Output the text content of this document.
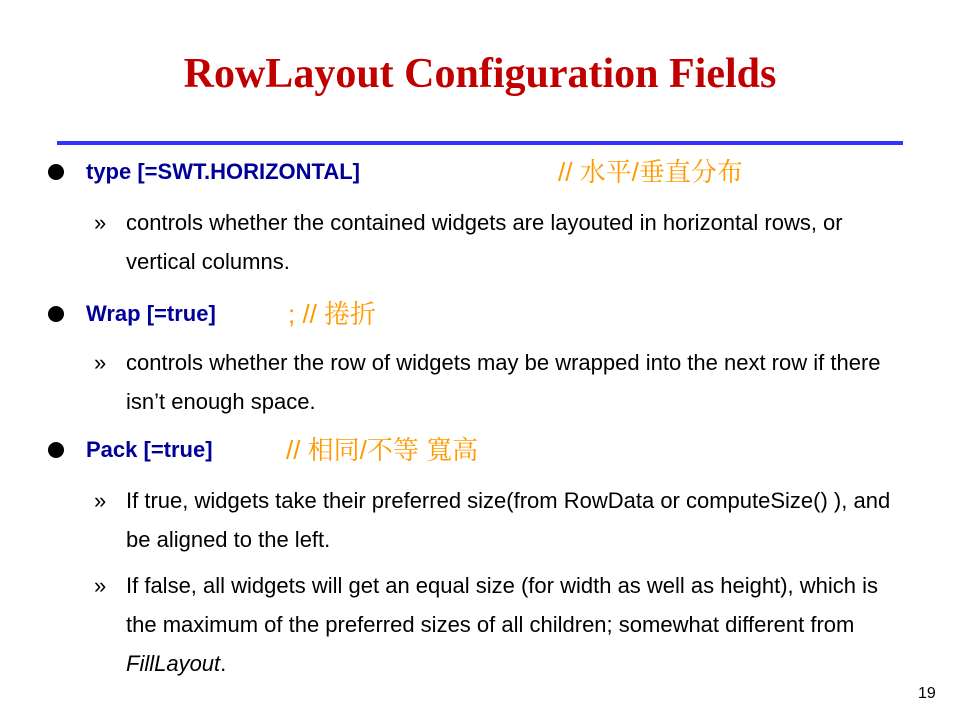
RowLayout Configuration Fields
type [=SWT.HORIZONTAL]	// 水平/垂直分布
» controls whether the contained widgets are layouted in horizontal rows, or vertical columns.
Wrap [=true]	; // 捲折
» controls whether the row of widgets may be wrapped into the next row if there isn’t enough space.
Pack [=true]	// 相同/不等 寬高
» If true, widgets take their preferred size(from RowData or computeSize() ), and be aligned to the left.
» If false, all widgets will get an equal size (for width as well as height), which is the maximum of the preferred sizes of all children; somewhat different from FillLayout.
19
